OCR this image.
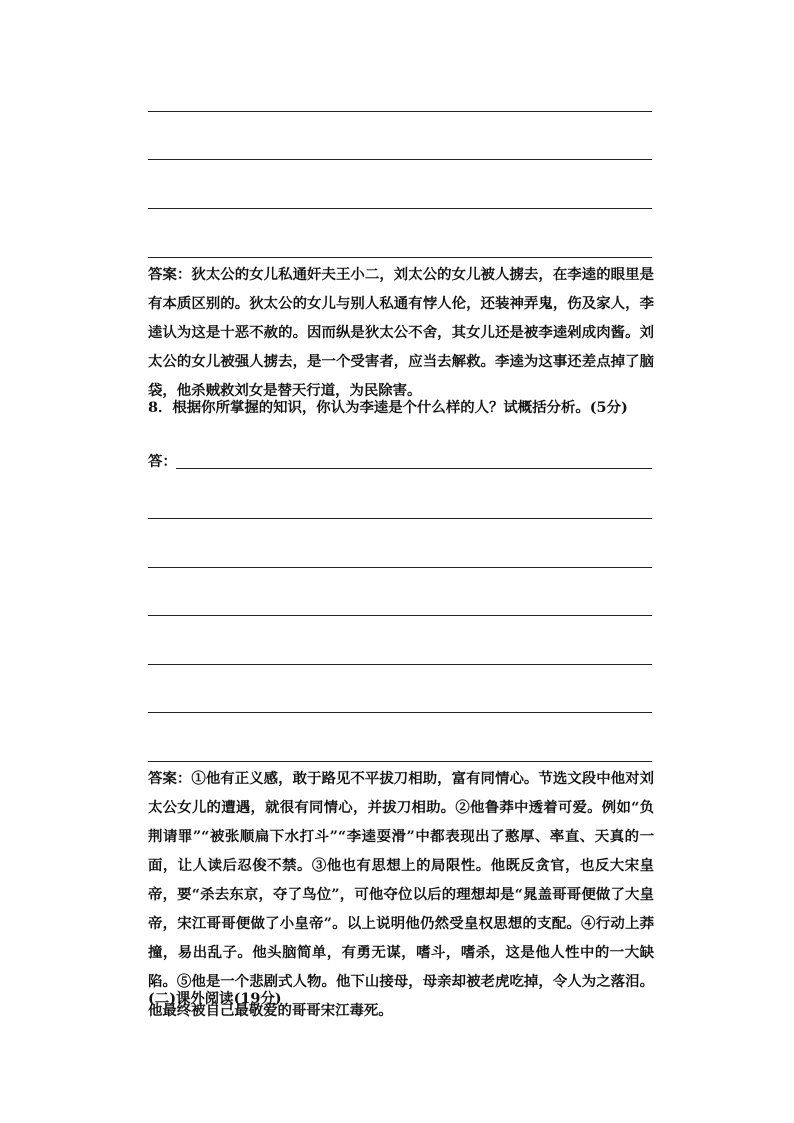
答案：狄太公的女儿私通奸夫王小二，刘太公的女儿被人掳去，在李逵的眼里是有本质区别的。狄太公的女儿与别人私通有悖人伦，还装神弄鬼，伤及家人，李逵认为这是十恶不赦的。因而纵是狄太公不舍，其女儿还是被李逵剁成肉酱。刘太公的女儿被强人掳去，是一个受害者，应当去解救。李逵为这事还差点掉了脑袋，他杀贼救刘女是替天行道，为民除害。

8．根据你所掌握的知识，你认为李逵是个什么样的人？试概括分析。(5分)

答：

答案：①他有正义感，敢于路见不平拔刀相助，富有同情心。节选文段中他对刘太公女儿的遭遇，就很有同情心，并拔刀相助。②他鲁莽中透着可爱。例如“负荆请罪”“被张顺扁下水打斗”“李逵耍滑”中都表现出了憨厚、率直、天真的一面，让人读后忍俊不禁。③他也有思想上的局限性。他既反贪官，也反大宋皇帝，要“杀去东京，夺了鸟位”，可他夺位以后的理想却是“晁盖哥哥便做了大皇帝，宋江哥哥便做了小皇帝”。以上说明他仍然受皇权思想的支配。④行动上莽撞，易出乱子。他头脑简单，有勇无谋，嗜斗，嗜杀，这是他人性中的一大缺陷。⑤他是一个悲剧式人物。他下山接母，母亲却被老虎吃掉，令人为之落泪。他最终被自己最敬爱的哥哥宋江毒死。

(二)课外阅读(19分)
